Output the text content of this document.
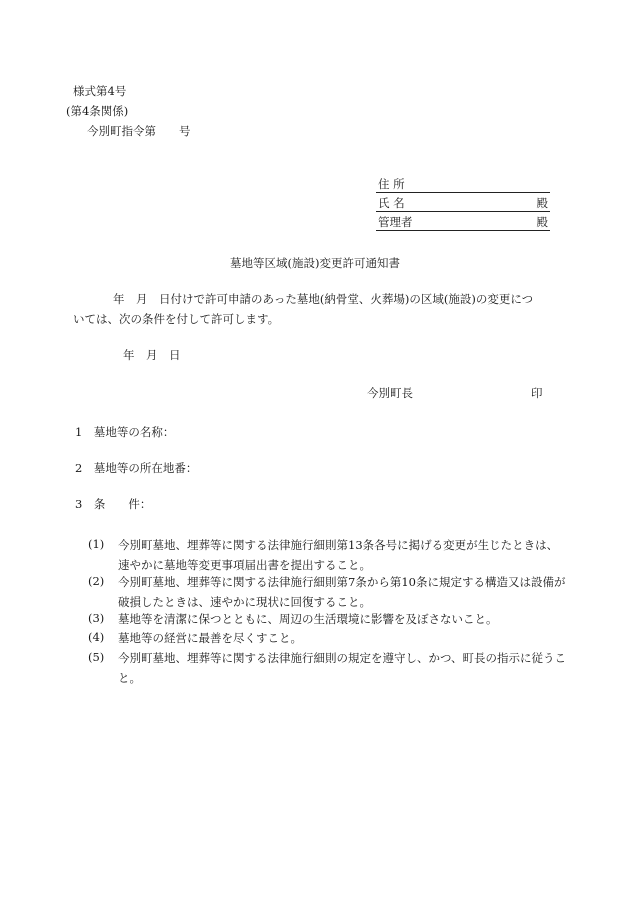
様式第4号
(第4条関係)
今別町指令第　　号
住 所
氏 名	殿
管理者	殿
墓地等区域(施設)変更許可通知書
年　月　日付けで許可申請のあった墓地(納骨堂、火葬場)の区域(施設)の変更につ
いては、次の条件を付して許可します。
年　月　日
今別町長	印
1　墓地等の名称：
2　墓地等の所在地番：
3　条　　件：
(1) 今別町墓地、埋葬等に関する法律施行細則第13条各号に掲げる変更が生じたときは、速やかに墓地等変更事項届出書を提出すること。
(2) 今別町墓地、埋葬等に関する法律施行細則第7条から第10条に規定する構造又は設備が破損したときは、速やかに現状に回復すること。
(3) 墓地等を清潔に保つとともに、周辺の生活環境に影響を及ぼさないこと。
(4) 墓地等の経営に最善を尽くすこと。
(5) 今別町墓地、埋葬等に関する法律施行細則の規定を遵守し、かつ、町長の指示に従うこと。
